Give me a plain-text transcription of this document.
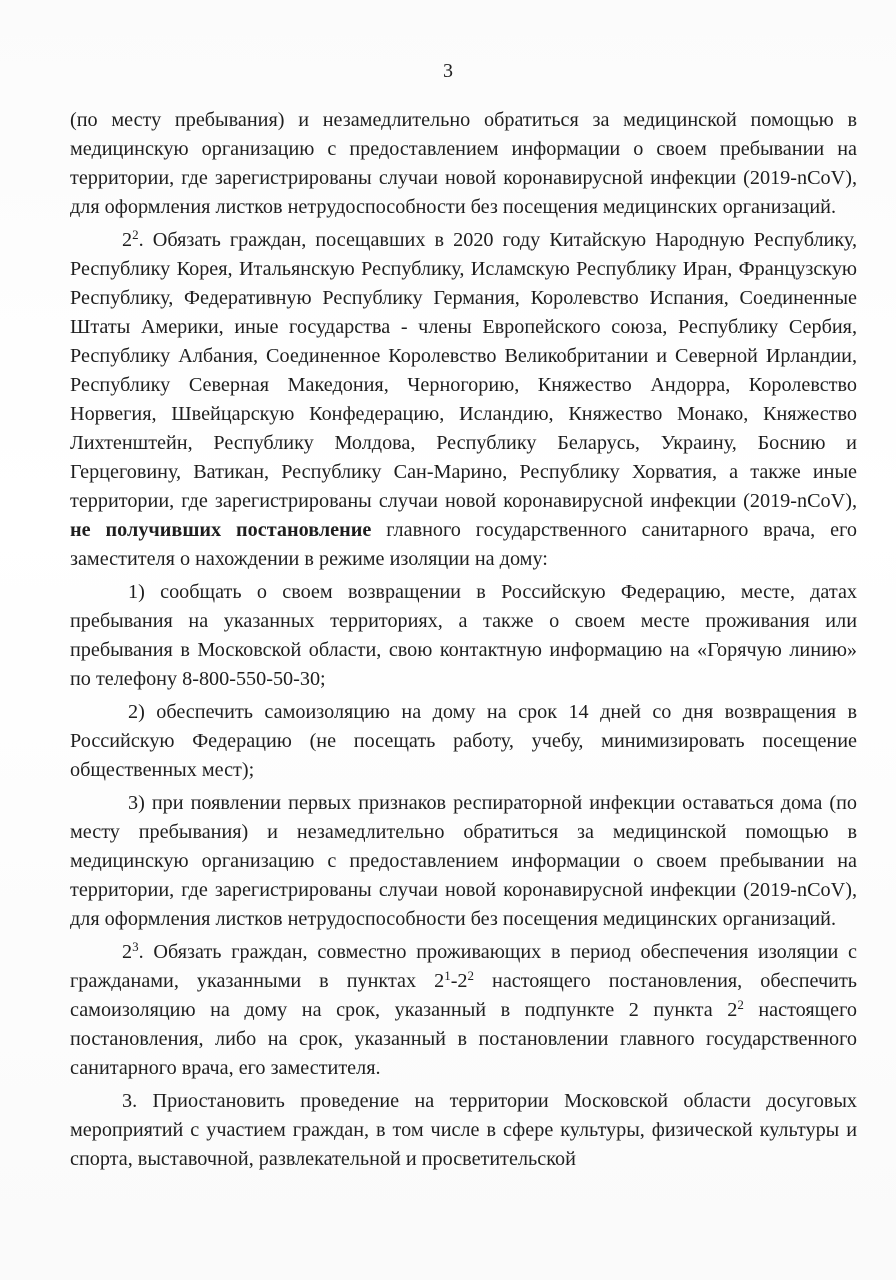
3

(по месту пребывания) и незамедлительно обратиться за медицинской помощью в медицинскую организацию с предоставлением информации о своем пребывании на территории, где зарегистрированы случаи новой коронавирусной инфекции (2019-nCoV), для оформления листков нетрудоспособности без посещения медицинских организаций.

$2^2$. Обязать граждан, посещавших в 2020 году Китайскую Народную Республику, Республику Корея, Итальянскую Республику, Исламскую Республику Иран, Французскую Республику, Федеративную Республику Германия, Королевство Испания, Соединенные Штаты Америки, иные государства - члены Европейского союза, Республику Сербия, Республику Албания, Соединенное Королевство Великобритании и Северной Ирландии, Республику Северная Македония, Черногорию, Княжество Андорра, Королевство Норвегия, Швейцарскую Конфедерацию, Исландию, Княжество Монако, Княжество Лихтенштейн, Республику Молдова, Республику Беларусь, Украину, Боснию и Герцеговину, Ватикан, Республику Сан-Марино, Республику Хорватия, а также иные территории, где зарегистрированы случаи новой коронавирусной инфекции (2019-nCoV), не получивших постановление главного государственного санитарного врача, его заместителя о нахождении в режиме изоляции на дому:

1) сообщать о своем возвращении в Российскую Федерацию, месте, датах пребывания на указанных территориях, а также о своем месте проживания или пребывания в Московской области, свою контактную информацию на «Горячую линию» по телефону 8-800-550-50-30;

2) обеспечить самоизоляцию на дому на срок 14 дней со дня возвращения в Российскую Федерацию (не посещать работу, учебу, минимизировать посещение общественных мест);

3) при появлении первых признаков респираторной инфекции оставаться дома (по месту пребывания) и незамедлительно обратиться за медицинской помощью в медицинскую организацию с предоставлением информации о своем пребывании на территории, где зарегистрированы случаи новой коронавирусной инфекции (2019-nCoV), для оформления листков нетрудоспособности без посещения медицинских организаций.

$2^3$. Обязать граждан, совместно проживающих в период обеспечения изоляции с гражданами, указанными в пунктах $2^1-2^2$ настоящего постановления, обеспечить самоизоляцию на дому на срок, указанный в подпункте 2 пункта $2^2$ настоящего постановления, либо на срок, указанный в постановлении главного государственного санитарного врача, его заместителя.

3. Приостановить проведение на территории Московской области досуговых мероприятий с участием граждан, в том числе в сфере культуры, физической культуры и спорта, выставочной, развлекательной и просветительской
